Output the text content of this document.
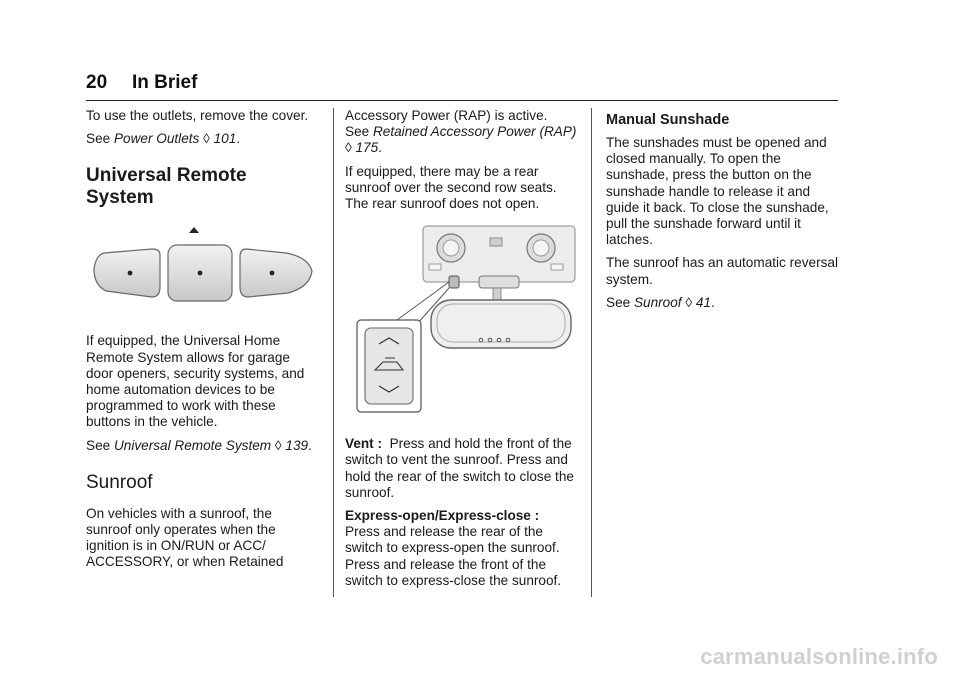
20 In Brief

To use the outlets, remove the cover.

See Power Outlets ◊ 101.

Universal Remote System

If equipped, the Universal Home Remote System allows for garage door openers, security systems, and home automation devices to be programmed to work with these buttons in the vehicle.

See Universal Remote System ◊ 139.

Sunroof

On vehicles with a sunroof, the sunroof only operates when the ignition is in ON/RUN or ACC/ ACCESSORY, or when Retained

Accessory Power (RAP) is active.

See Retained Accessory Power (RAP) ◊ 175.

If equipped, there may be a rear sunroof over the second row seats. The rear sunroof does not open.

Vent : Press and hold the front of the switch to vent the sunroof. Press and hold the rear of the switch to close the sunroof.

Express-open/Express-close :

Press and release the rear of the switch to express-open the sunroof. Press and release the front of the switch to express-close the sunroof.

Manual Sunshade

The sunshades must be opened and closed manually. To open the sunshade, press the button on the sunshade handle to release it and guide it back. To close the sunshade, pull the sunshade forward until it latches.

The sunroof has an automatic reversal system.

See Sunroof ◊ 41.

carmanualsonline.info
